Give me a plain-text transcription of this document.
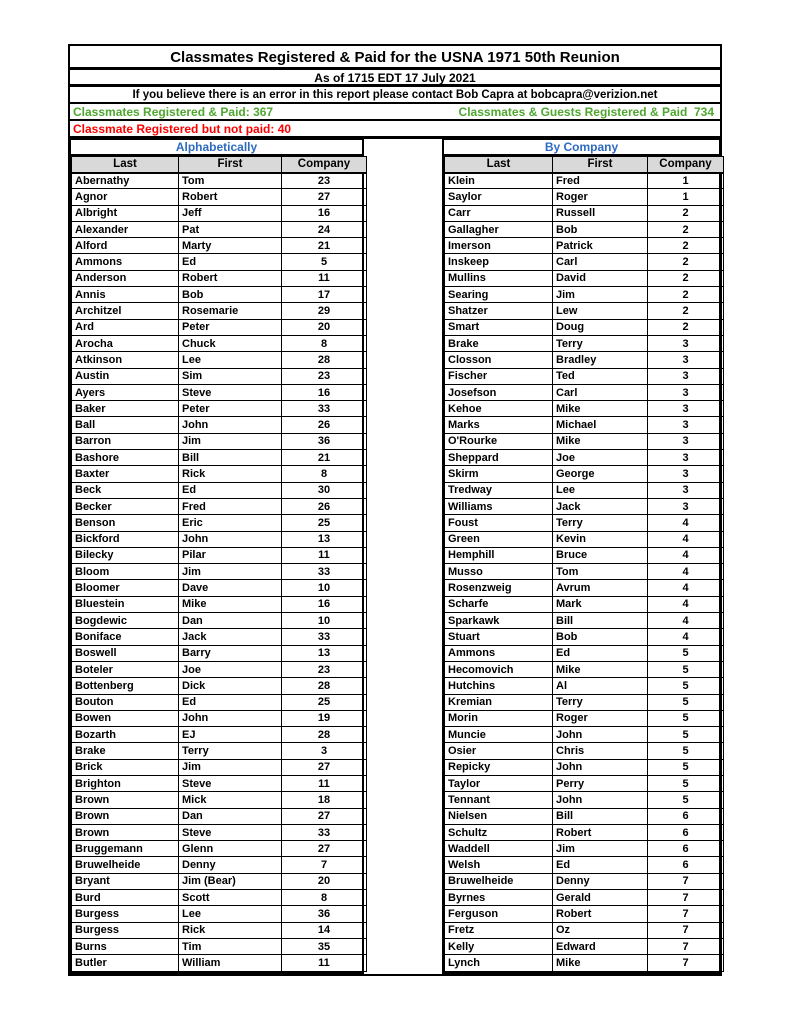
Classmates Registered & Paid for the USNA 1971 50th Reunion
As of 1715 EDT 17 July 2021
If you believe there is an error in this report please contact Bob Capra at bobcapra@verizion.net
Classmates Registered & Paid: 367	Classmates & Guests Registered & Paid  734
Classmate Registered but not paid: 40
Alphabetically
Last	First	Company
Abernathy	Tom	23
Agnor	Robert	27
Albright	Jeff	16
Alexander	Pat	24
Alford	Marty	21
Ammons	Ed	5
Anderson	Robert	11
Annis	Bob	17
Architzel	Rosemarie	29
Ard	Peter	20
Arocha	Chuck	8
Atkinson	Lee	28
Austin	Sim	23
Ayers	Steve	16
Baker	Peter	33
Ball	John	26
Barron	Jim	36
Bashore	Bill	21
Baxter	Rick	8
Beck	Ed	30
Becker	Fred	26
Benson	Eric	25
Bickford	John	13
Bilecky	Pilar	11
Bloom	Jim	33
Bloomer	Dave	10
Bluestein	Mike	16
Bogdewic	Dan	10
Boniface	Jack	33
Boswell	Barry	13
Boteler	Joe	23
Bottenberg	Dick	28
Bouton	Ed	25
Bowen	John	19
Bozarth	EJ	28
Brake	Terry	3
Brick	Jim	27
Brighton	Steve	11
Brown	Mick	18
Brown	Dan	27
Brown	Steve	33
Bruggemann	Glenn	27
Bruwelheide	Denny	7
Bryant	Jim (Bear)	20
Burd	Scott	8
Burgess	Lee	36
Burgess	Rick	14
Burns	Tim	35
Butler	William	11
By Company
Last	First	Company
Klein	Fred	1
Saylor	Roger	1
Carr	Russell	2
Gallagher	Bob	2
Imerson	Patrick	2
Inskeep	Carl	2
Mullins	David	2
Searing	Jim	2
Shatzer	Lew	2
Smart	Doug	2
Brake	Terry	3
Closson	Bradley	3
Fischer	Ted	3
Josefson	Carl	3
Kehoe	Mike	3
Marks	Michael	3
O'Rourke	Mike	3
Sheppard	Joe	3
Skirm	George	3
Tredway	Lee	3
Williams	Jack	3
Foust	Terry	4
Green	Kevin	4
Hemphill	Bruce	4
Musso	Tom	4
Rosenzweig	Avrum	4
Scharfe	Mark	4
Sparkawk	Bill	4
Stuart	Bob	4
Ammons	Ed	5
Hecomovich	Mike	5
Hutchins	Al	5
Kremian	Terry	5
Morin	Roger	5
Muncie	John	5
Osier	Chris	5
Repicky	John	5
Taylor	Perry	5
Tennant	John	5
Nielsen	Bill	6
Schultz	Robert	6
Waddell	Jim	6
Welsh	Ed	6
Bruwelheide	Denny	7
Byrnes	Gerald	7
Ferguson	Robert	7
Fretz	Oz	7
Kelly	Edward	7
Lynch	Mike	7
